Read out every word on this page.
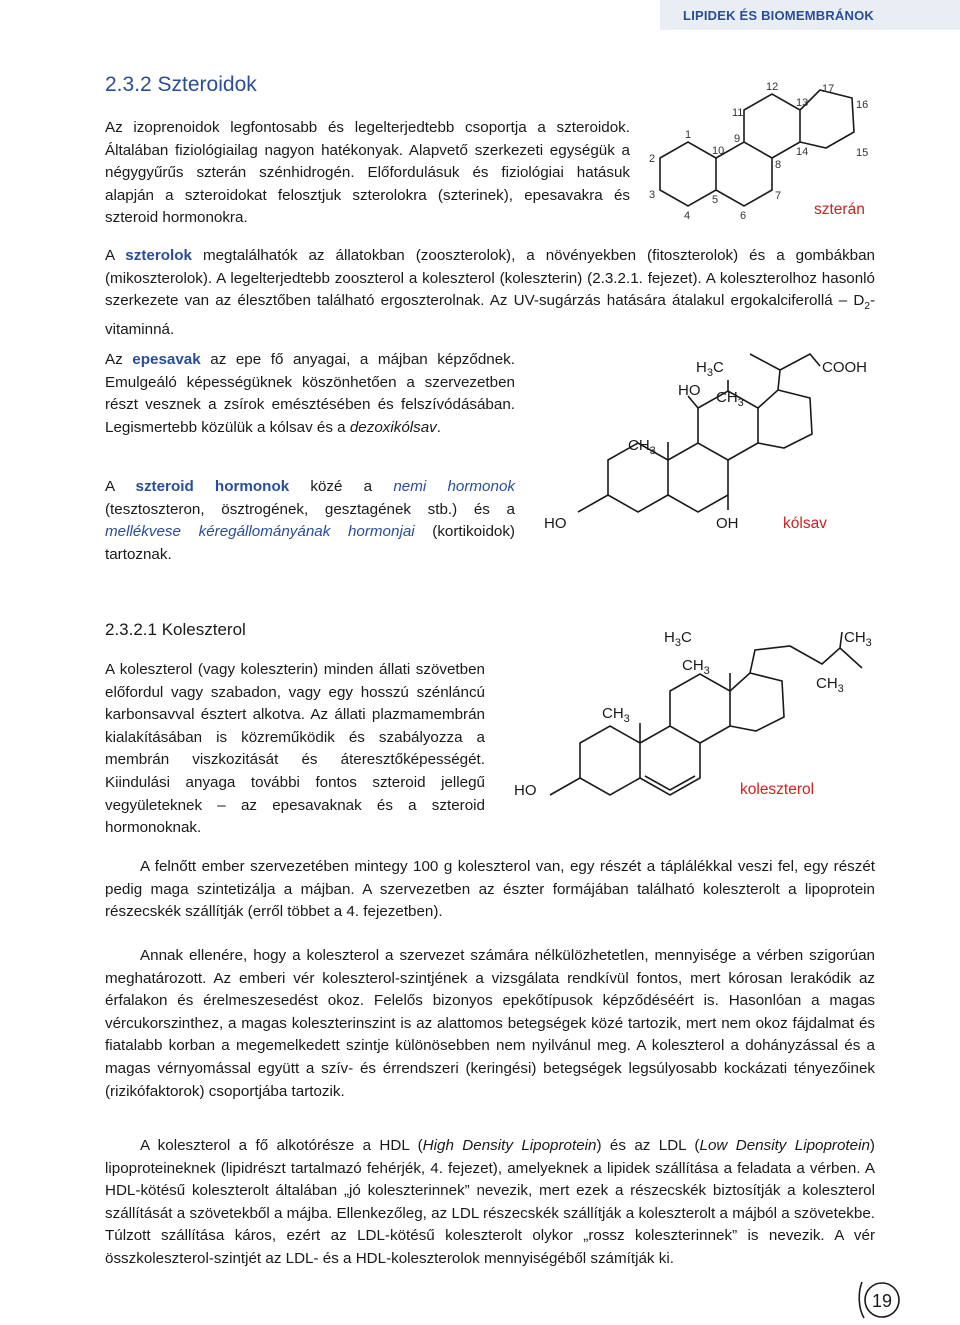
LIPIDEK ÉS BIOMEMBRÁNOK
2.3.2 Szteroidok

Az izoprenoidok legfontosabb és legelterjedtebb csoportja a szteroidok. Általában fiziológiailag nagyon hatékonyak. Alapvető szerkezeti egységük a négygyűrűs szterán szénhidrogén. Előfordulásuk és fiziológiai hatásuk alapján a szteroidokat felosztjuk szterolokra (szterinek), epesavakra és szteroid hormonokra.

1
2
3
4
5
6
7
8
9
10
11
12
13
14	15
16
17
szterán

A szterolok megtalálhatók az állatokban (zooszterolok), a növényekben (fitoszterolok) és a gombákban (mikoszterolok). A legelterjedtebb zooszterol a koleszterol (koleszterin) (2.3.2.1. fejezet). A koleszterolhoz hasonló szerkezete van az élesztőben található ergoszterolnak. Az UV-sugárzás hatására átalakul ergokalciferollá – $D_2$-vitaminná.

Az epesavak az epe fő anyagai, a májban képződnek. Emulgeáló képességüknek köszönhetően a szervezetben részt vesznek a zsírok emésztésében és felszívódásában. Legismertebb közülük a kólsav és a dezoxikólsav.

A szteroid hormonok közé a nemi hormonok (tesztoszteron, ösztrogének, gesztagének stb.) és a mellékvese kéregállományának hormonjai (kortikoidok) tartoznak.

$CH_3$
HO $CH_3$
$H_3C$	COOH
HO	OH	kólsav
2.3.2.1 Koleszterol

A koleszterol (vagy koleszterin) minden állati szövetben előfordul vagy szabadon, vagy egy hosszú szénláncú karbonsavval észtert alkotva. Az állati plazmamembrán kialakításában is közreműködik és szabályozza a membrán viszkozitását és áteresztőképességét. Kiindulási anyaga további fontos szteroid jellegű vegyületeknek – az epesavaknak és a szteroid hormonoknak.

$CH_3$
$CH_3$
$H_3C$	$CH_3$
$CH_3$
HO	koleszterol

A felnőtt ember szervezetében mintegy 100 g koleszterol van, egy részét a táplálékkal veszi fel, egy részét pedig maga szintetizálja a májban. A szervezetben az észter formájában található koleszterolt a lipoprotein részecskék szállítják (erről többet a 4. fejezetben).

Annak ellenére, hogy a koleszterol a szervezet számára nélkülözhetetlen, mennyisége a vérben szigorúan meghatározott. Az emberi vér koleszterol-szintjének a vizsgálata rendkívül fontos, mert kórosan lerakódik az érfalakon és érelmeszesedést okoz. Felelős bizonyos epekőtípusok képződéséért is. Hasonlóan a magas vércukorszinthez, a magas koleszterinszint is az alattomos betegségek közé tartozik, mert nem okoz fájdalmat és fiatalabb korban a megemelkedett szintje különösebben nem nyilvánul meg. A koleszterol a dohányzással és a magas vérnyomással együtt a szív- és érrendszeri (keringési) betegségek legsúlyosabb kockázati tényezőinek (rizikófaktorok) csoportjába tartozik.

A koleszterol a fő alkotórésze a HDL (High Density Lipoprotein) és az LDL (Low Density Lipoprotein) lipoproteineknek (lipidrészt tartalmazó fehérjék, 4. fejezet), amelyeknek a lipidek szállítása a feladata a vérben. A HDL-kötésű koleszterolt általában „jó koleszterinnek” nevezik, mert ezek a részecskék biztosítják a koleszterol szállítását a szövetekből a májba. Ellenkezőleg, az LDL részecskék szállítják a koleszterolt a májból a szövetekbe. Túlzott szállítása káros, ezért az LDL-kötésű koleszterolt olykor „rossz koleszterinnek” is nevezik. A vér összkoleszterol-szintjét az LDL- és a HDL-koleszterolok mennyiségéből számítják ki.

19
